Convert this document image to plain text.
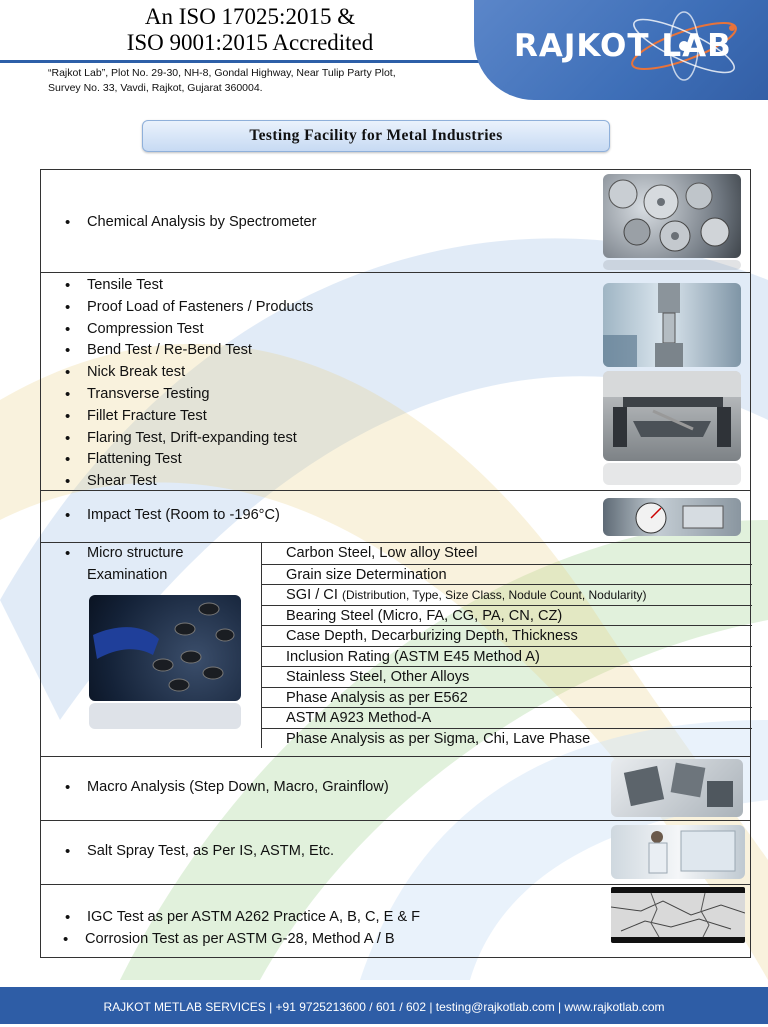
An ISO 17025:2015 &
ISO 9001:2015 Accredited
“Rajkot Lab”, Plot No. 29-30, NH-8, Gondal Highway, Near Tulip Party Plot,
Survey No. 33, Vavdi, Rajkot, Gujarat 360004.
RAJKOT LAB
Testing Facility for Metal Industries
• Chemical Analysis by Spectrometer
• Tensile Test
• Proof Load of Fasteners / Products
• Compression Test
• Bend Test / Re-Bend Test
• Nick Break test
• Transverse Testing
• Fillet Fracture Test
• Flaring Test, Drift-expanding test
• Flattening Test
• Shear Test
• Impact Test (Room to -196°C)
• Micro structure
Examination
Carbon Steel, Low alloy Steel
Grain size Determination
SGI / CI (Distribution, Type, Size Class, Nodule Count, Nodularity)
Bearing Steel (Micro, FA, CG, PA, CN, CZ)
Case Depth, Decarburizing Depth, Thickness
Inclusion Rating (ASTM E45 Method A)
Stainless Steel, Other Alloys
Phase Analysis as per E562
ASTM A923 Method-A
Phase Analysis as per Sigma, Chi, Lave Phase
• Macro Analysis (Step Down, Macro, Grainflow)
• Salt Spray Test, as Per IS, ASTM, Etc.
• IGC Test as per ASTM A262 Practice A, B, C, E & F
• Corrosion Test as per ASTM G-28, Method A / B
RAJKOT METLAB SERVICES | +91 9725213600 / 601 / 602 | testing@rajkotlab.com | www.rajkotlab.com
